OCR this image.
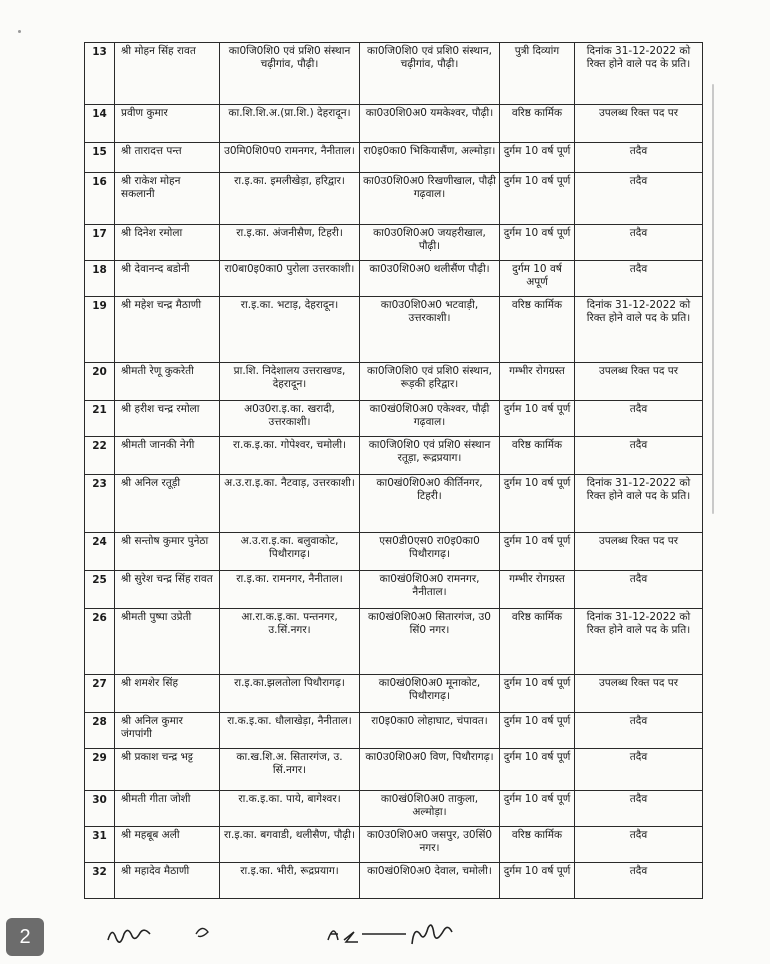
13	श्री मोहन सिंह रावत	का0जि0शि0 एवं प्रशि0 संस्थान चढ़ीगांव, पौढ़ी।	का0जि0शि0 एवं प्रशि0 संस्थान, चढ़ीगांव, पौढ़ी।	पुत्री दिव्यांग	दिनांक 31-12-2022 को रिक्त होने वाले पद के प्रति।
14	प्रवीण कुमार	का.शि.शि.अ.(प्रा.शि.) देहरादून।	का0उ0शि0अ0 यमकेश्वर, पौढ़ी।	वरिष्ठ कार्मिक	उपलब्ध रिक्त पद पर
15	श्री तारादत्त पन्त	उ0मि0शि0प0 रामनगर, नैनीताल।	रा0इ0का0 भिकियासैंण, अल्मोड़ा।	दुर्गम 10 वर्ष पूर्ण	तदैव
16	श्री राकेश मोहन सकलानी	रा.इ.का. इमलीखेड़ा, हरिद्वार।	का0उ0शि0अ0 रिखणीखाल, पौढ़ी गढ़वाल।	दुर्गम 10 वर्ष पूर्ण	तदैव
17	श्री दिनेश रमोला	रा.इ.का. अंजनीसैण, टिहरी।	का0उ0शि0अ0 जयहरीखाल, पौढ़ी।	दुर्गम 10 वर्ष पूर्ण	तदैव
18	श्री देवानन्द बडोनी	रा0बा0इ0का0 पुरोला उत्तरकाशी।	का0उ0शि0अ0 थलीसैंण पौढ़ी।	दुर्गम 10 वर्ष अपूर्ण	तदैव
19	श्री महेश चन्द्र मैठाणी	रा.इ.का. भटाड़, देहरादून।	का0उ0शि0अ0 भटवाड़ी, उत्तरकाशी।	वरिष्ठ कार्मिक	दिनांक 31-12-2022 को रिक्त होने वाले पद के प्रति।
20	श्रीमती रेणू कुकरेती	प्रा.शि. निदेशालय उत्तराखण्ड, देहरादून।	का0जि0शि0 एवं प्रशि0 संस्थान, रूड़की हरिद्वार।	गम्भीर रोगग्रस्त	उपलब्ध रिक्त पद पर
21	श्री हरीश चन्द्र रमोला	अ0उ0रा.इ.का. खरादी, उत्तरकाशी।	का0खं0शि0अ0 एकेश्वर, पौढ़ी गढ़वाल।	दुर्गम 10 वर्ष पूर्ण	तदैव
22	श्रीमती जानकी नेगी	रा.क.इ.का. गोपेश्वर, चमोली।	का0जि0शि0 एवं प्रशि0 संस्थान रतूड़ा, रूद्रप्रयाग।	वरिष्ठ कार्मिक	तदैव
23	श्री अनिल रतूड़ी	अ.उ.रा.इ.का. नैटवाड़, उत्तरकाशी।	का0खं0शि0अ0 कीर्तिनगर, टिहरी।	दुर्गम 10 वर्ष पूर्ण	दिनांक 31-12-2022 को रिक्त होने वाले पद के प्रति।
24	श्री सन्तोष कुमार पुनेठा	अ.उ.रा.इ.का. बलुवाकोट, पिथौरागढ़।	एस0डी0एस0 रा0इ0का0 पिथौरागढ़।	दुर्गम 10 वर्ष पूर्ण	उपलब्ध रिक्त पद पर
25	श्री सुरेश चन्द्र सिंह रावत	रा.इ.का. रामनगर, नैनीताल।	का0खं0शि0अ0 रामनगर, नैनीताल।	गम्भीर रोगग्रस्त	तदैव
26	श्रीमती पुष्पा उप्रेती	आ.रा.क.इ.का. पन्तनगर, उ.सिं.नगर।	का0खं0शि0अ0 सितारगंज, उ0 सिं0 नगर।	वरिष्ठ कार्मिक	दिनांक 31-12-2022 को रिक्त होने वाले पद के प्रति।
27	श्री शमशेर सिंह	रा.इ.का.झलतोला पिथौरागढ़।	का0खं0शि0अ0 मूनाकोट, पिथौरागढ़।	दुर्गम 10 वर्ष पूर्ण	उपलब्ध रिक्त पद पर
28	श्री अनिल कुमार जंगपांगी	रा.क.इ.का. धौलाखेड़ा, नैनीताल।	रा0इ0का0 लोहाघाट, चंपावत।	दुर्गम 10 वर्ष पूर्ण	तदैव
29	श्री प्रकाश चन्द्र भट्ट	का.ख.शि.अ. सितारगंज, उ. सिं.नगर।	का0उ0शि0अ0 विण, पिथौरागढ़।	दुर्गम 10 वर्ष पूर्ण	तदैव
30	श्रीमती गीता जोशी	रा.क.इ.का. पाये, बागेश्वर।	का0खं0शि0अ0 ताकुला, अल्मोड़ा।	दुर्गम 10 वर्ष पूर्ण	तदैव
31	श्री महबूब अली	रा.इ.का. बगवाडी, थलीसैण, पौढ़ी।	का0उ0शि0अ0 जसपुर, उ0सिं0 नगर।	वरिष्ठ कार्मिक	तदैव
32	श्री महादेव मैठाणी	रा.इ.का. भीरी, रूद्रप्रयाग।	का0खं0शि0अ0 देवाल, चमोली।	दुर्गम 10 वर्ष पूर्ण	तदैव
2
